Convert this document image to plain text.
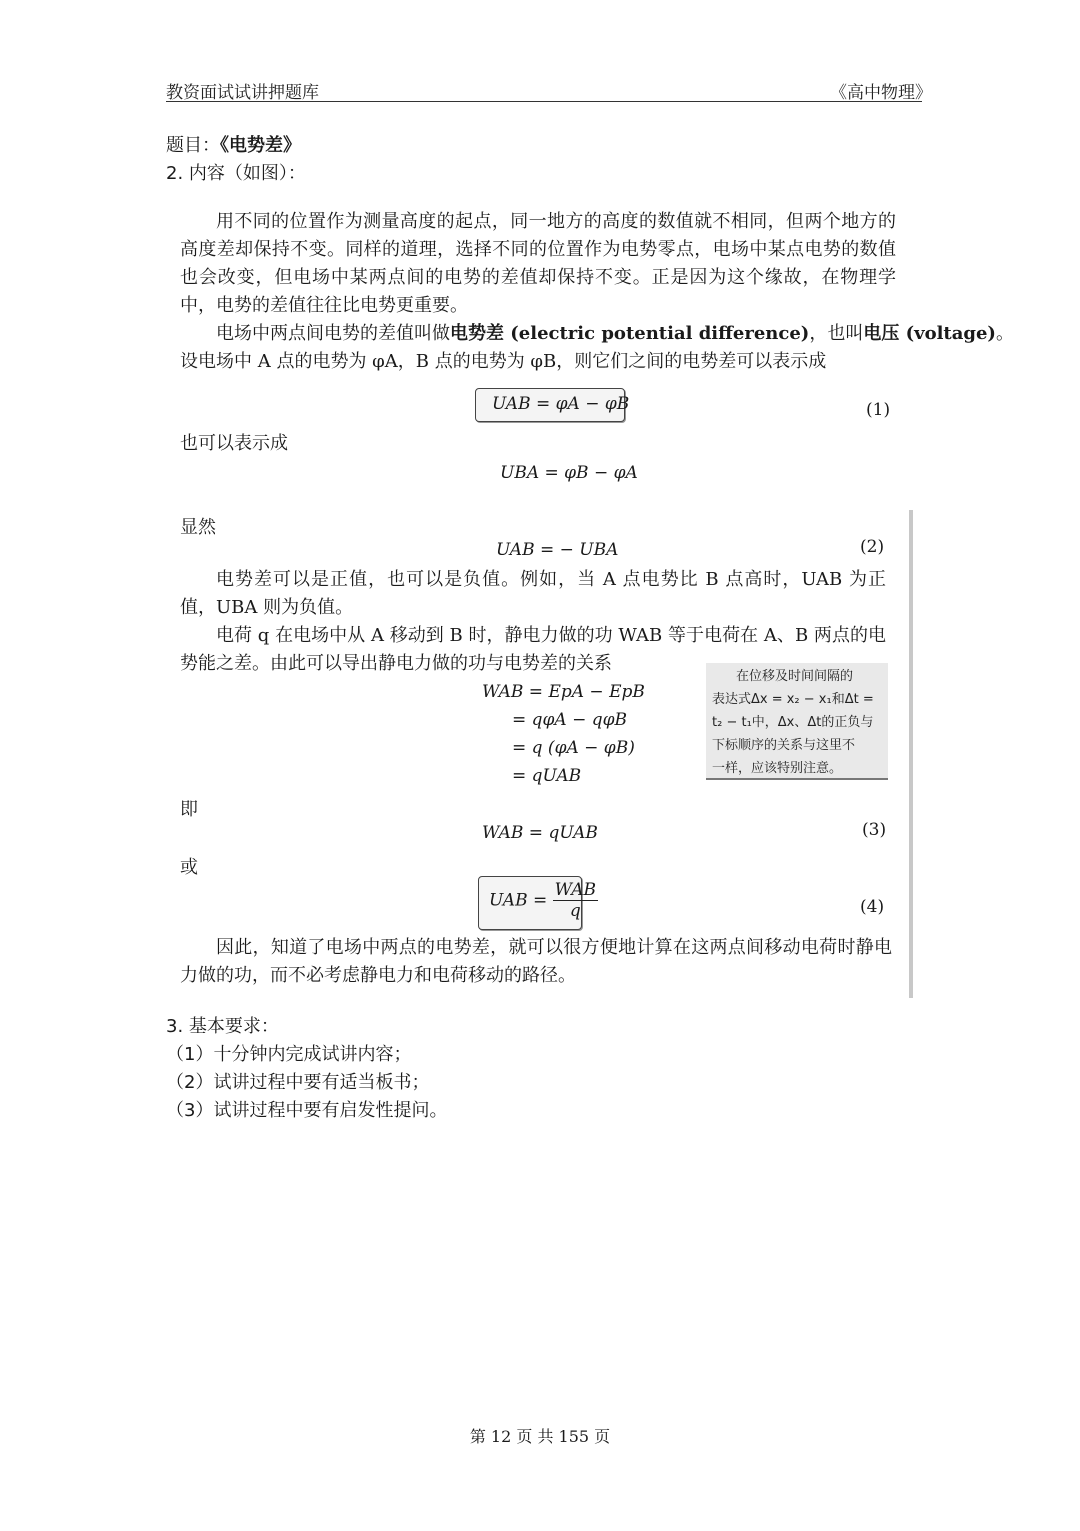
教资面试试讲押题库	《高中物理》
题目：《电势差》
2. 内容（如图）：
用不同的位置作为测量高度的起点，同一地方的高度的数值就不相同，但两个地方的高度差却保持不变。同样的道理，选择不同的位置作为电势零点，电场中某点电势的数值也会改变，但电场中某两点间的电势的差值却保持不变。正是因为这个缘故，在物理学中，电势的差值往往比电势更重要。
电场中两点间电势的差值叫做电势差 (electric potential difference)，也叫电压 (voltage)。
设电场中 A 点的电势为 φA，B 点的电势为 φB，则它们之间的电势差可以表示成
UAB = φA − φB	(1)
也可以表示成
UBA = φB − φA
显然
UAB = − UBA	(2)
电势差可以是正值，也可以是负值。例如，当 A 点电势比 B 点高时，UAB 为正值，UBA 则为负值。
电荷 q 在电场中从 A 移动到 B 时，静电力做的功 WAB 等于电荷在 A、B 两点的电势能之差。由此可以导出静电力做的功与电势差的关系
WAB = EpA − EpB
= qφA − qφB
= q (φA − φB)
= qUAB
在位移及时间间隔的
表达式Δx = x₂ − x₁和Δt =
t₂ − t₁中，Δx、Δt的正负与
下标顺序的关系与这里不
一样，应该特别注意。
即
WAB = qUAB	(3)
或
UAB = $\frac{\text{WAB}}{q}$	(4)
因此，知道了电场中两点的电势差，就可以很方便地计算在这两点间移动电荷时静电力做的功，而不必考虑静电力和电荷移动的路径。
3. 基本要求：
（1）十分钟内完成试讲内容；
（2）试讲过程中要有适当板书；
（3）试讲过程中要有启发性提问。
第 12 页 共 155 页
